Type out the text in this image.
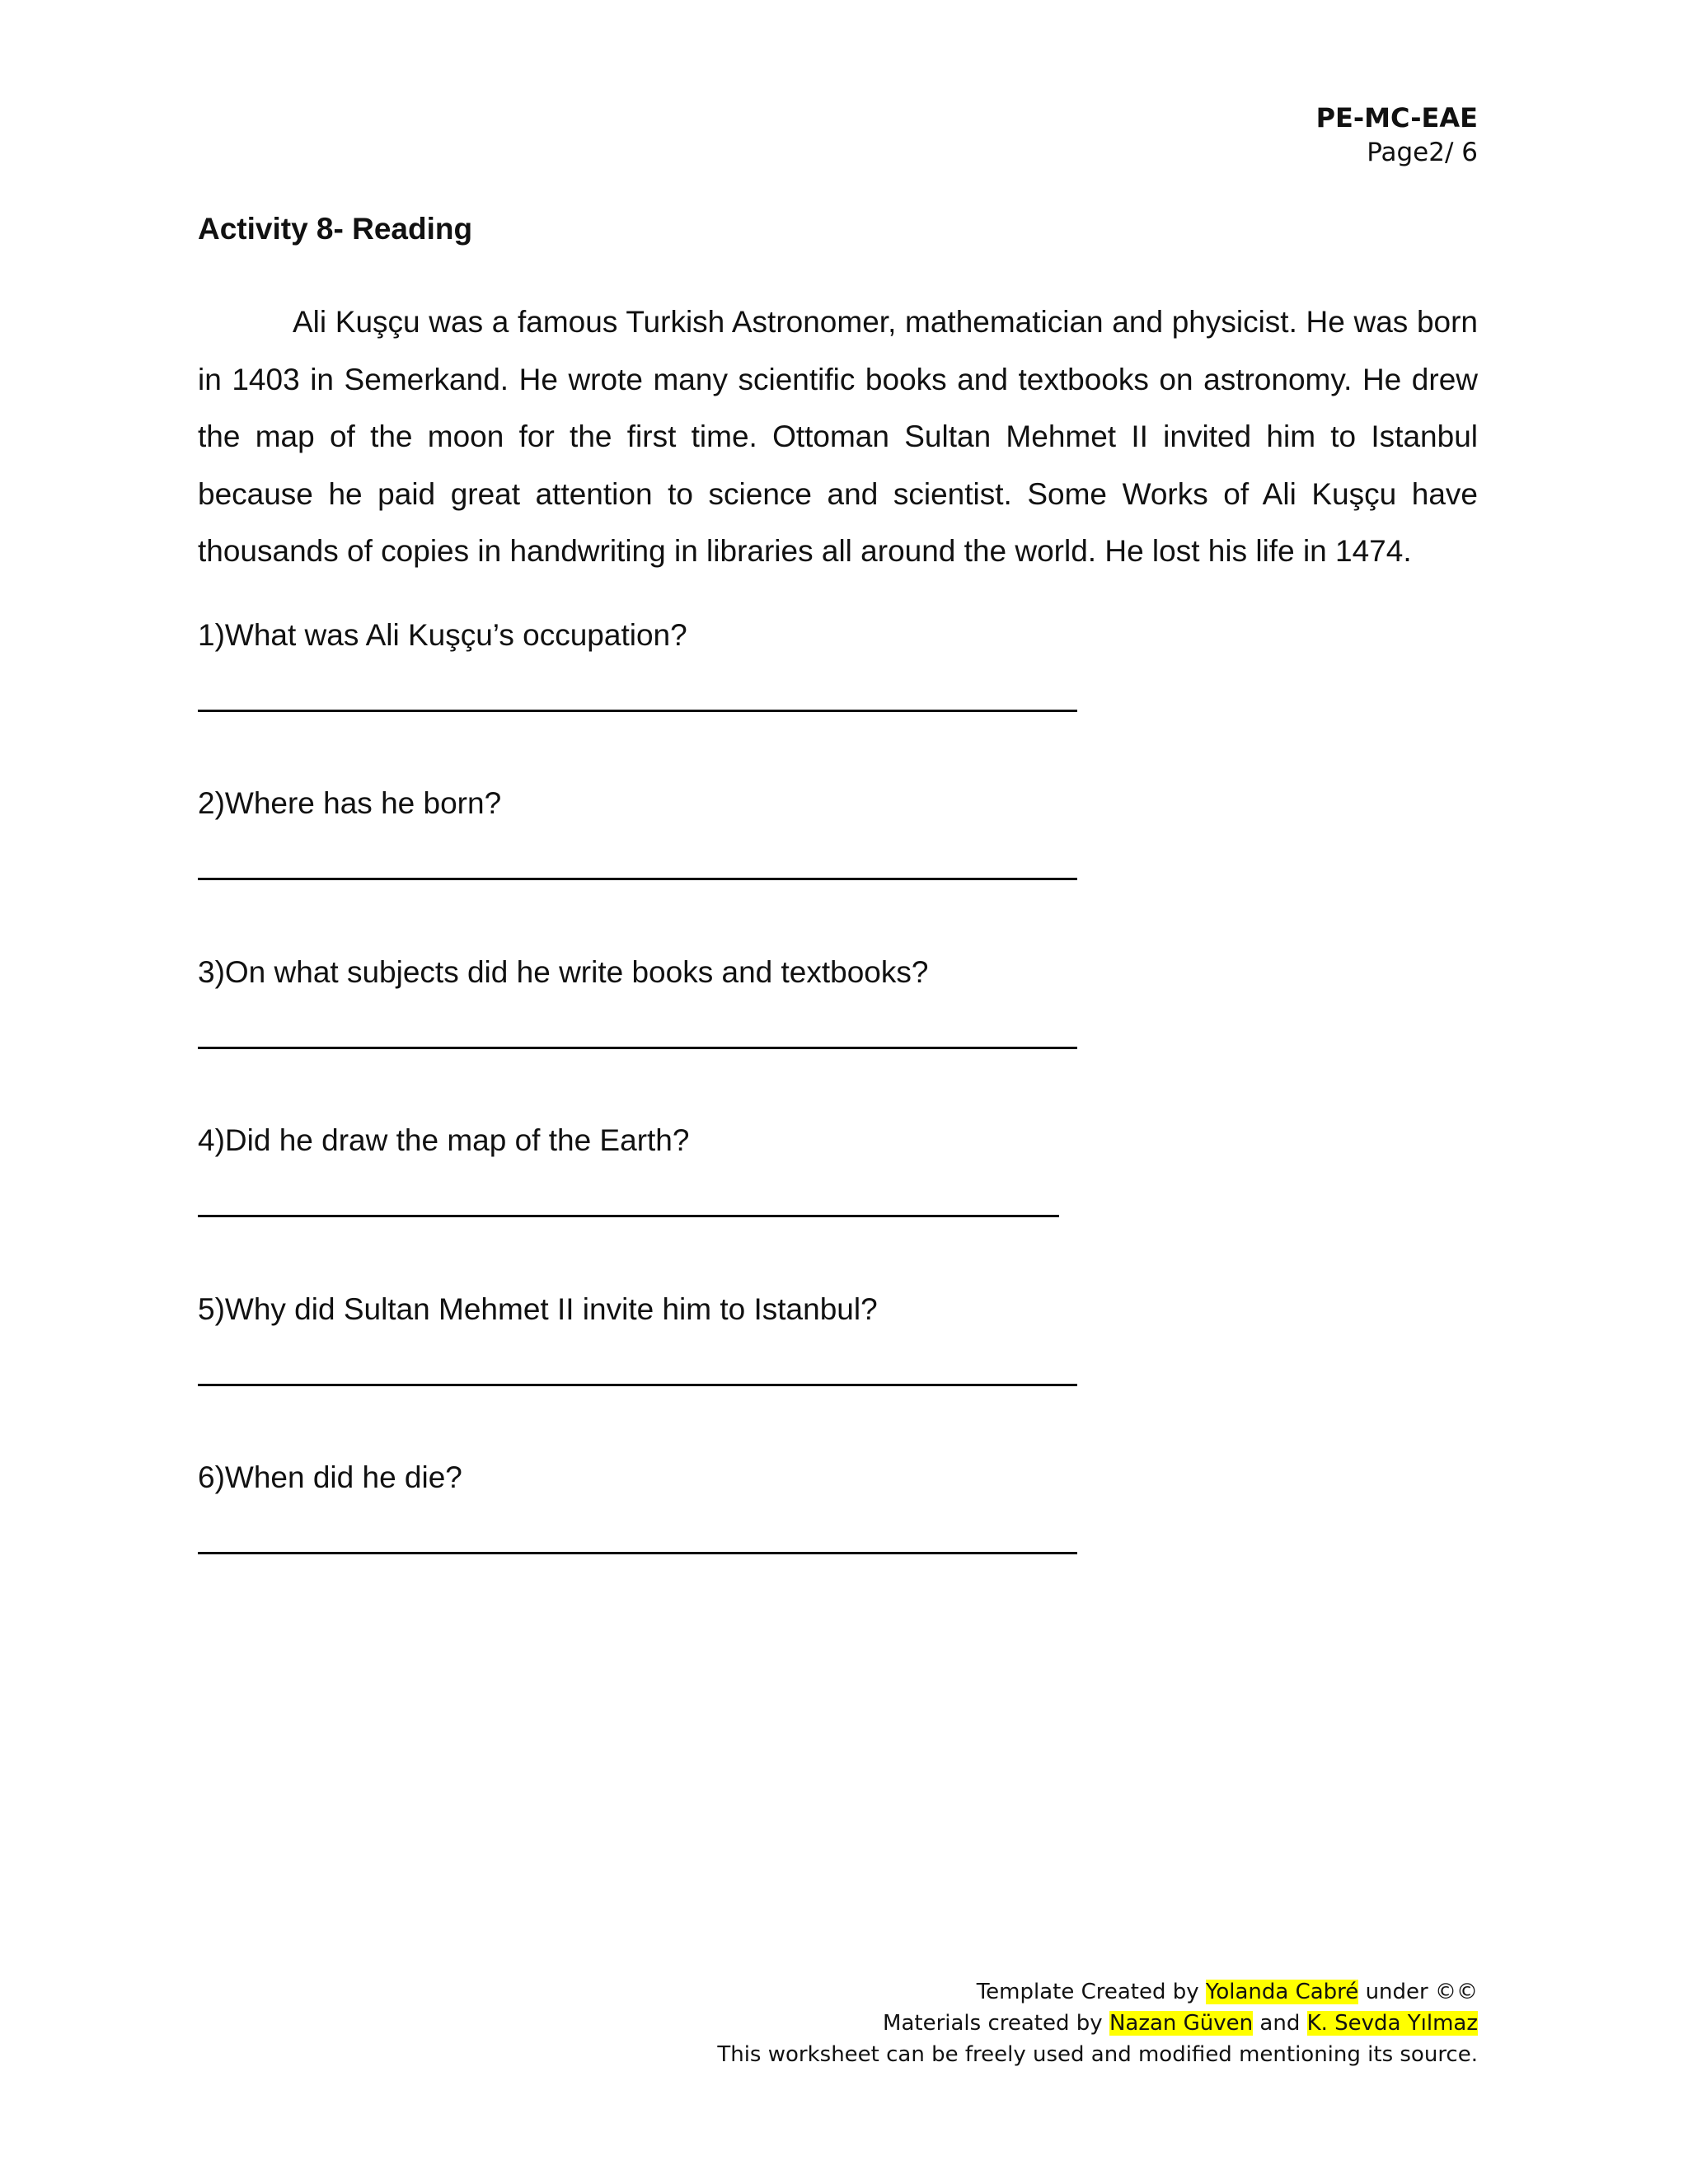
PE-MC-EAE
Page2/ 6
Activity 8- Reading

Ali Kuşçu was a famous Turkish Astronomer, mathematician and physicist. He was born in 1403 in Semerkand. He wrote many scientific books and textbooks on astronomy. He drew the map of the moon for the first time. Ottoman Sultan Mehmet II invited him to Istanbul because he paid great attention to science and scientist. Some Works of Ali Kuşçu have thousands of copies in handwriting in libraries all around the world. He lost his life in 1474.

1)What was Ali Kuşçu’s occupation?
2)Where has he born?
3)On what subjects did he write books and textbooks?
4)Did he draw the map of the Earth?
5)Why did Sultan Mehmet II invite him to Istanbul?
6)When did he die?
Template Created by Yolanda Cabré under ©©
Materials created by Nazan Güven and K. Sevda Yılmaz
This worksheet can be freely used and modified mentioning its source.
